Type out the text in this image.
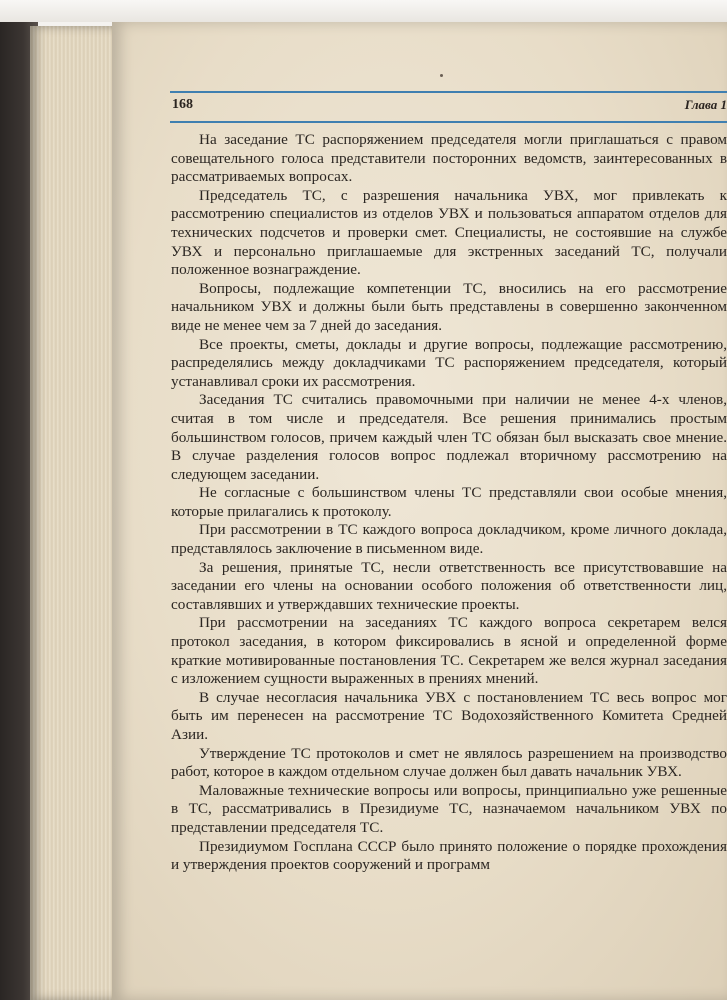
168	Глава 1

На заседание ТС распоряжением председателя могли приглашаться с правом совещательного голоса представители посторонних ведомств, заинтересованных в рассматриваемых вопросах.

Председатель ТС, с разрешения начальника УВХ, мог привлекать к рассмотрению специалистов из отделов УВХ и пользоваться аппаратом отделов для технических подсчетов и проверки смет. Специалисты, не состоявшие на службе УВХ и персонально приглашаемые для экстренных заседаний ТС, получали положенное вознаграждение.

Вопросы, подлежащие компетенции ТС, вносились на его рассмотрение начальником УВХ и должны были быть представлены в совершенно законченном виде не менее чем за 7 дней до заседания.

Все проекты, сметы, доклады и другие вопросы, подлежащие рассмотрению, распределялись между докладчиками ТС распоряжением председателя, который устанавливал сроки их рассмотрения.

Заседания ТС считались правомочными при наличии не менее 4-х членов, считая в том числе и председателя. Все решения принимались простым большинством голосов, причем каждый член ТС обязан был высказать свое мнение. В случае разделения голосов вопрос подлежал вторичному рассмотрению на следующем заседании.

Не согласные с большинством члены ТС представляли свои особые мнения, которые прилагались к протоколу.

При рассмотрении в ТС каждого вопроса докладчиком, кроме личного доклада, представлялось заключение в письменном виде.

За решения, принятые ТС, несли ответственность все присутствовавшие на заседании его члены на основании особого положения об ответственности лиц, составлявших и утверждавших технические проекты.

При рассмотрении на заседаниях ТС каждого вопроса секретарем велся протокол заседания, в котором фиксировались в ясной и определенной форме краткие мотивированные постановления ТС. Секретарем же велся журнал заседания с изложением сущности выраженных в прениях мнений.

В случае несогласия начальника УВХ с постановлением ТС весь вопрос мог быть им перенесен на рассмотрение ТС Водохозяйственного Комитета Средней Азии.

Утверждение ТС протоколов и смет не являлось разрешением на производство работ, которое в каждом отдельном случае должен был давать начальник УВХ.

Маловажные технические вопросы или вопросы, принципиально уже решенные в ТС, рассматривались в Президиуме ТС, назначаемом начальником УВХ по представлении председателя ТС.

Президиумом Госплана СССР было принято положение о порядке прохождения и утверждения проектов сооружений и программ
